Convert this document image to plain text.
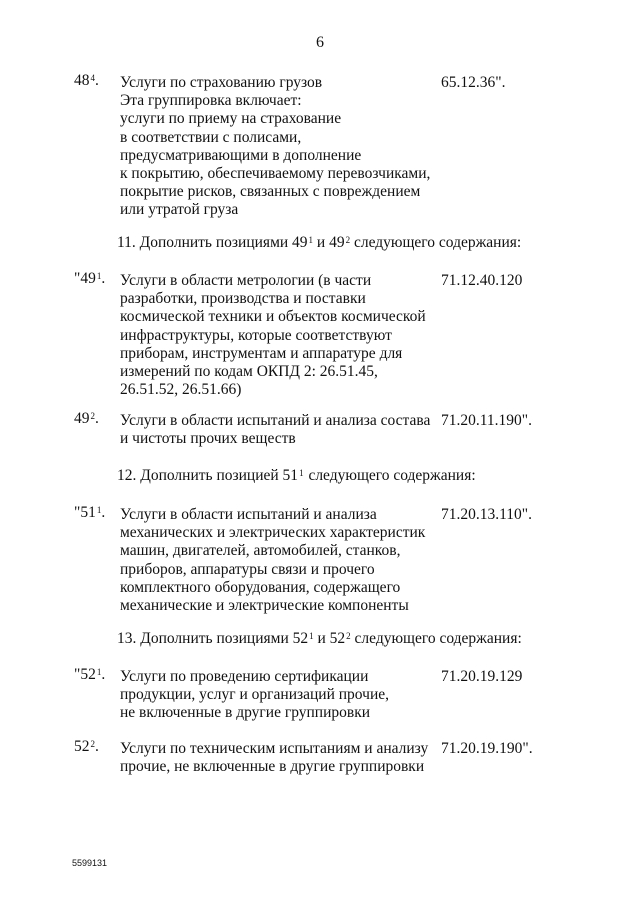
6
$48^4$. Услуги по страхованию грузов
Эта группировка включает:
услуги по приему на страхование
в соответствии с полисами,
предусматривающими в дополнение
к покрытию, обеспечиваемому перевозчиками,
покрытие рисков, связанных с повреждением
или утратой груза
65.12.36".
11. Дополнить позициями $49^1$ и $49^2$ следующего содержания:
"$49^1$. Услуги в области метрологии (в части
разработки, производства и поставки
космической техники и объектов космической
инфраструктуры, которые соответствуют
приборам, инструментам и аппаратуре для
измерений по кодам ОКПД 2: 26.51.45,
26.51.52, 26.51.66)
71.12.40.120
$49^2$. Услуги в области испытаний и анализа состава
и чистоты прочих веществ
71.20.11.190".
12. Дополнить позицией $51^1$ следующего содержания:
"$51^1$. Услуги в области испытаний и анализа
механических и электрических характеристик
машин, двигателей, автомобилей, станков,
приборов, аппаратуры связи и прочего
комплектного оборудования, содержащего
механические и электрические компоненты
71.20.13.110".
13. Дополнить позициями $52^1$ и $52^2$ следующего содержания:
"$52^1$. Услуги по проведению сертификации
продукции, услуг и организаций прочие,
не включенные в другие группировки
71.20.19.129
$52^2$. Услуги по техническим испытаниям и анализу
прочие, не включенные в другие группировки
71.20.19.190".
5599131
